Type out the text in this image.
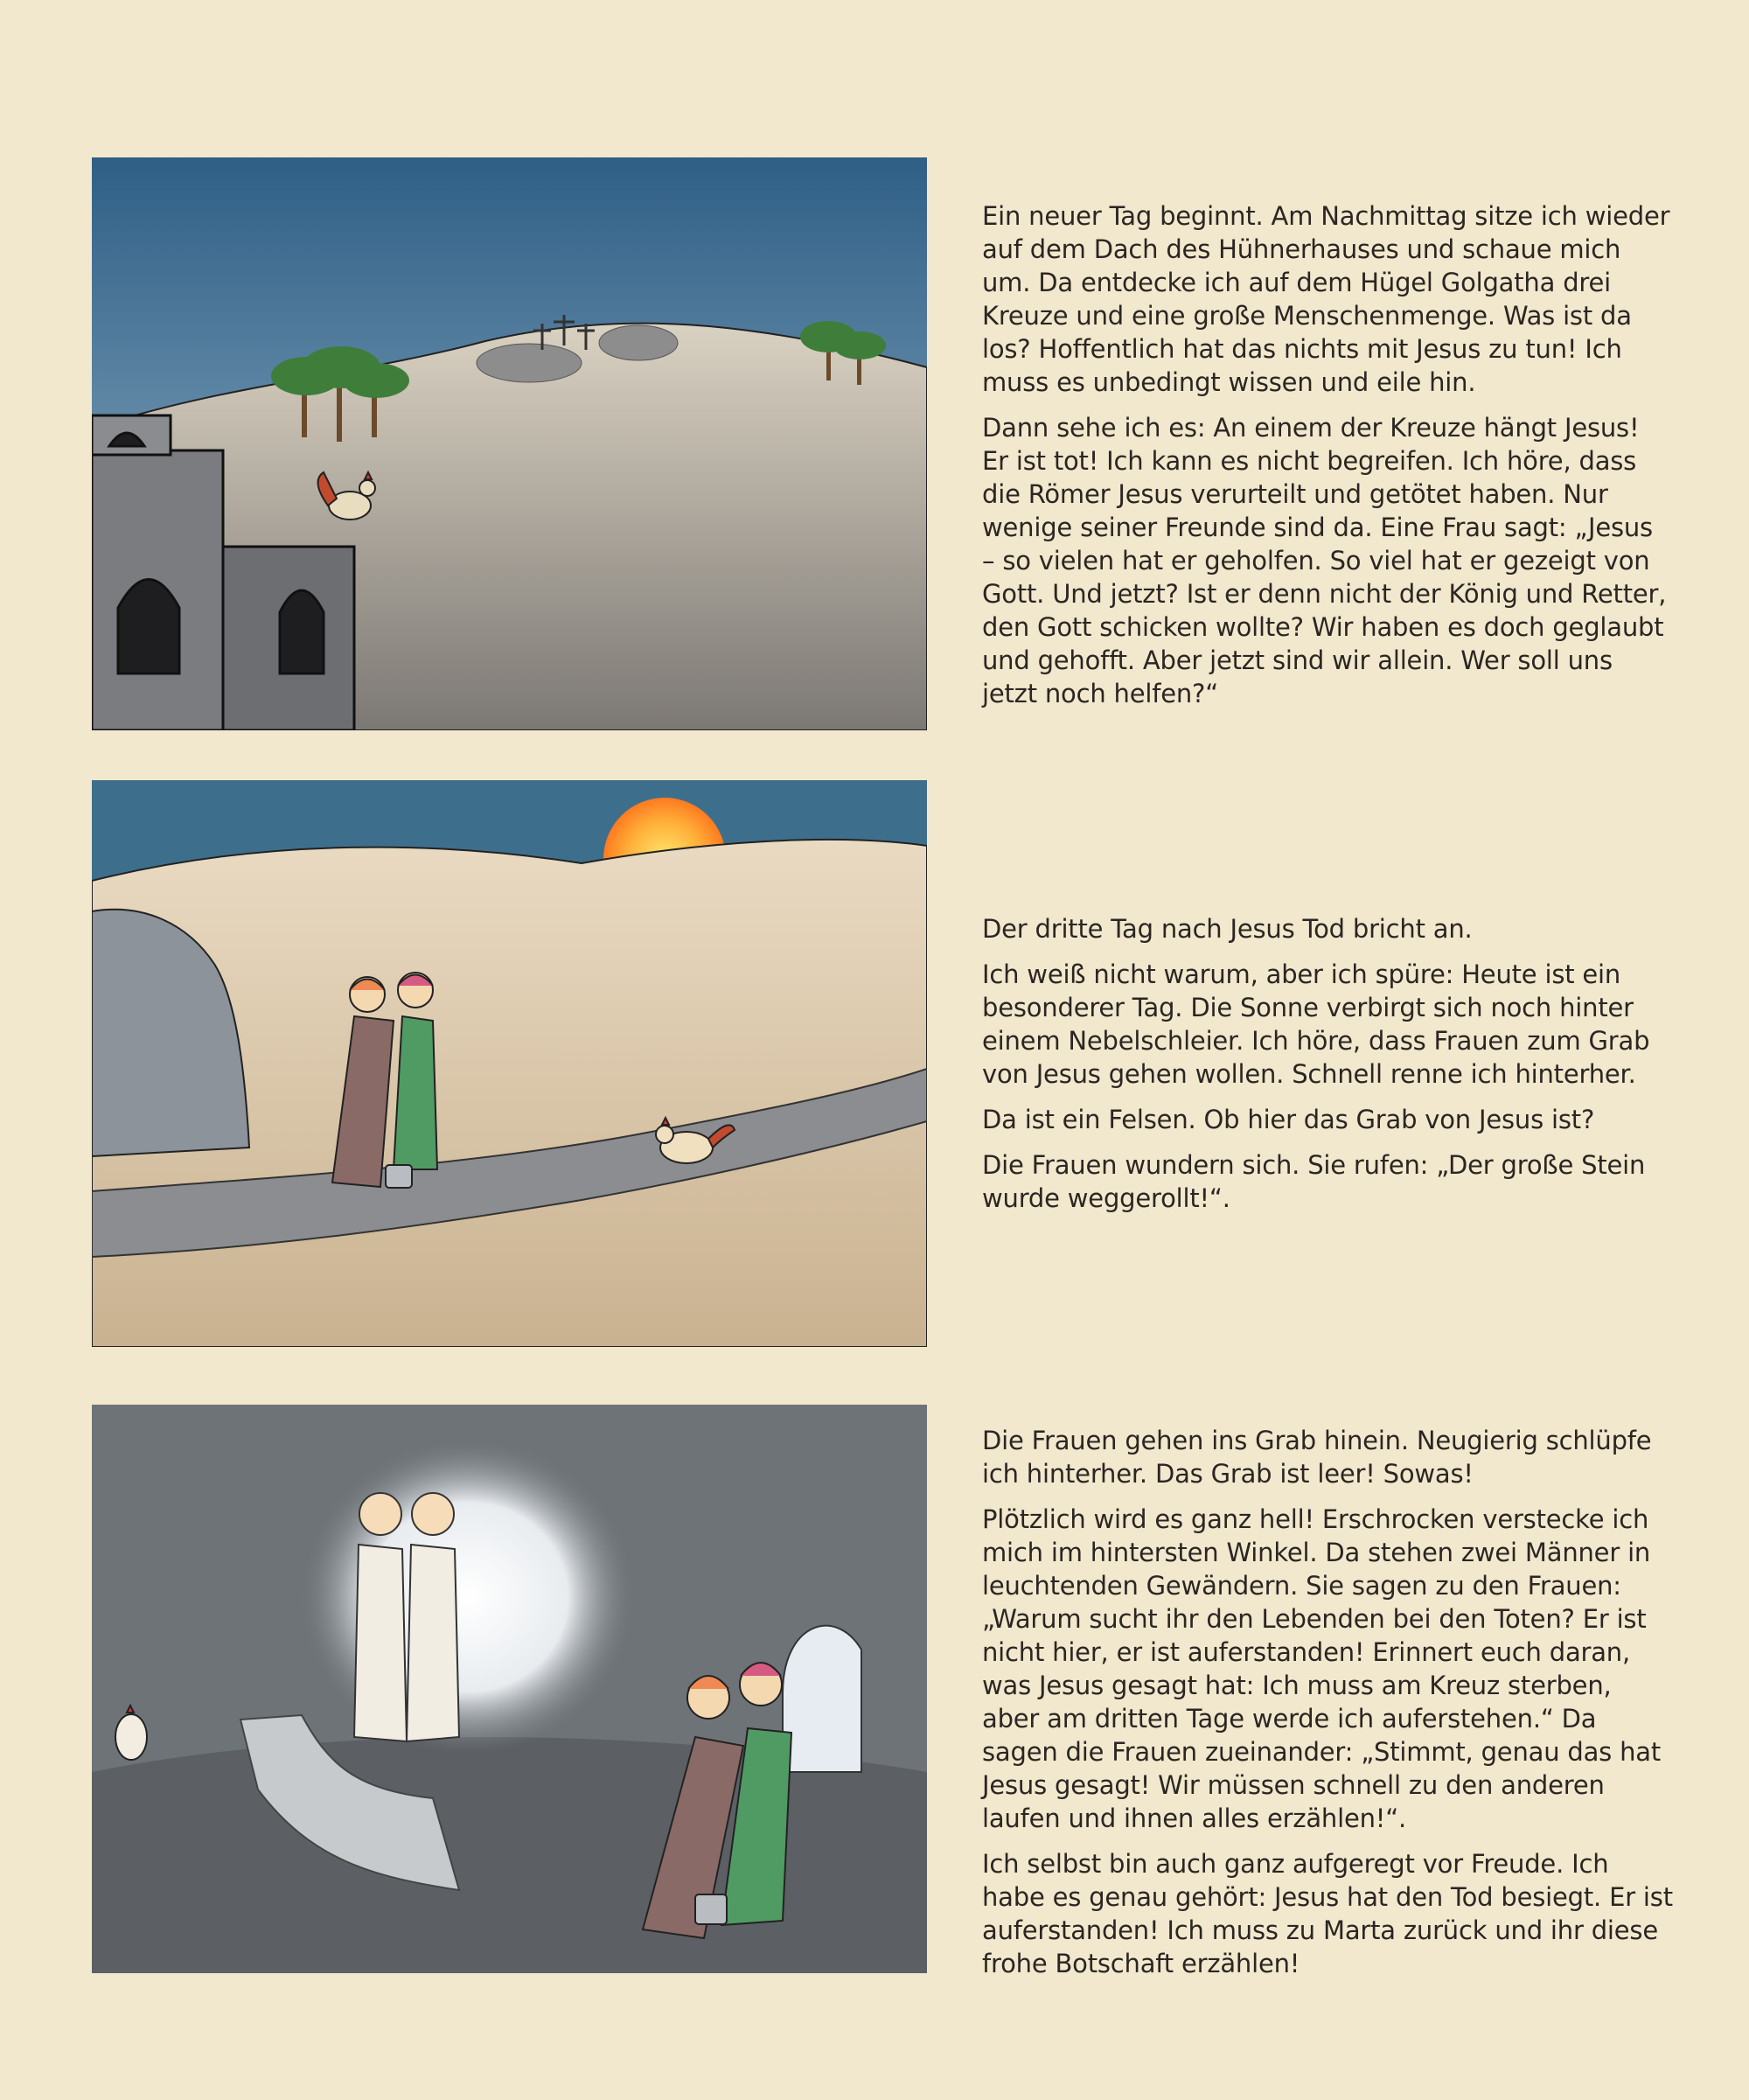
Ein neuer Tag beginnt. Am Nachmittag sitze ich wieder auf dem Dach des Hühnerhauses und schaue mich um. Da entdecke ich auf dem Hügel Golgatha drei Kreuze und eine große Menschenmenge. Was ist da los? Hoffentlich hat das nichts mit Jesus zu tun! Ich muss es unbedingt wissen und eile hin.

Dann sehe ich es: An einem der Kreuze hängt Jesus! Er ist tot! Ich kann es nicht begreifen. Ich höre, dass die Römer Jesus verurteilt und getötet haben. Nur wenige seiner Freunde sind da. Eine Frau sagt: „Jesus – so vielen hat er geholfen. So viel hat er gezeigt von Gott. Und jetzt? Ist er denn nicht der König und Retter, den Gott schicken wollte? Wir haben es doch geglaubt und gehofft. Aber jetzt sind wir allein. Wer soll uns jetzt noch helfen?“

Der dritte Tag nach Jesus Tod bricht an.

Ich weiß nicht warum, aber ich spüre: Heute ist ein besonderer Tag. Die Sonne verbirgt sich noch hinter einem Nebelschleier. Ich höre, dass Frauen zum Grab von Jesus gehen wollen. Schnell renne ich hinterher.

Da ist ein Felsen. Ob hier das Grab von Jesus ist?

Die Frauen wundern sich. Sie rufen: „Der große Stein wurde weggerollt!“.

Die Frauen gehen ins Grab hinein. Neugierig schlüpfe ich hinterher. Das Grab ist leer! Sowas!

Plötzlich wird es ganz hell! Erschrocken verstecke ich mich im hintersten Winkel. Da stehen zwei Männer in leuchtenden Gewändern. Sie sagen zu den Frauen: „Warum sucht ihr den Lebenden bei den Toten? Er ist nicht hier, er ist auferstanden! Erinnert euch daran, was Jesus gesagt hat: Ich muss am Kreuz sterben, aber am dritten Tage werde ich auferstehen.“ Da sagen die Frauen zueinander: „Stimmt, genau das hat Jesus gesagt! Wir müssen schnell zu den anderen laufen und ihnen alles erzählen!“.

Ich selbst bin auch ganz aufgeregt vor Freude. Ich habe es genau gehört: Jesus hat den Tod besiegt. Er ist auferstanden! Ich muss zu Marta zurück und ihr diese frohe Botschaft erzählen!
